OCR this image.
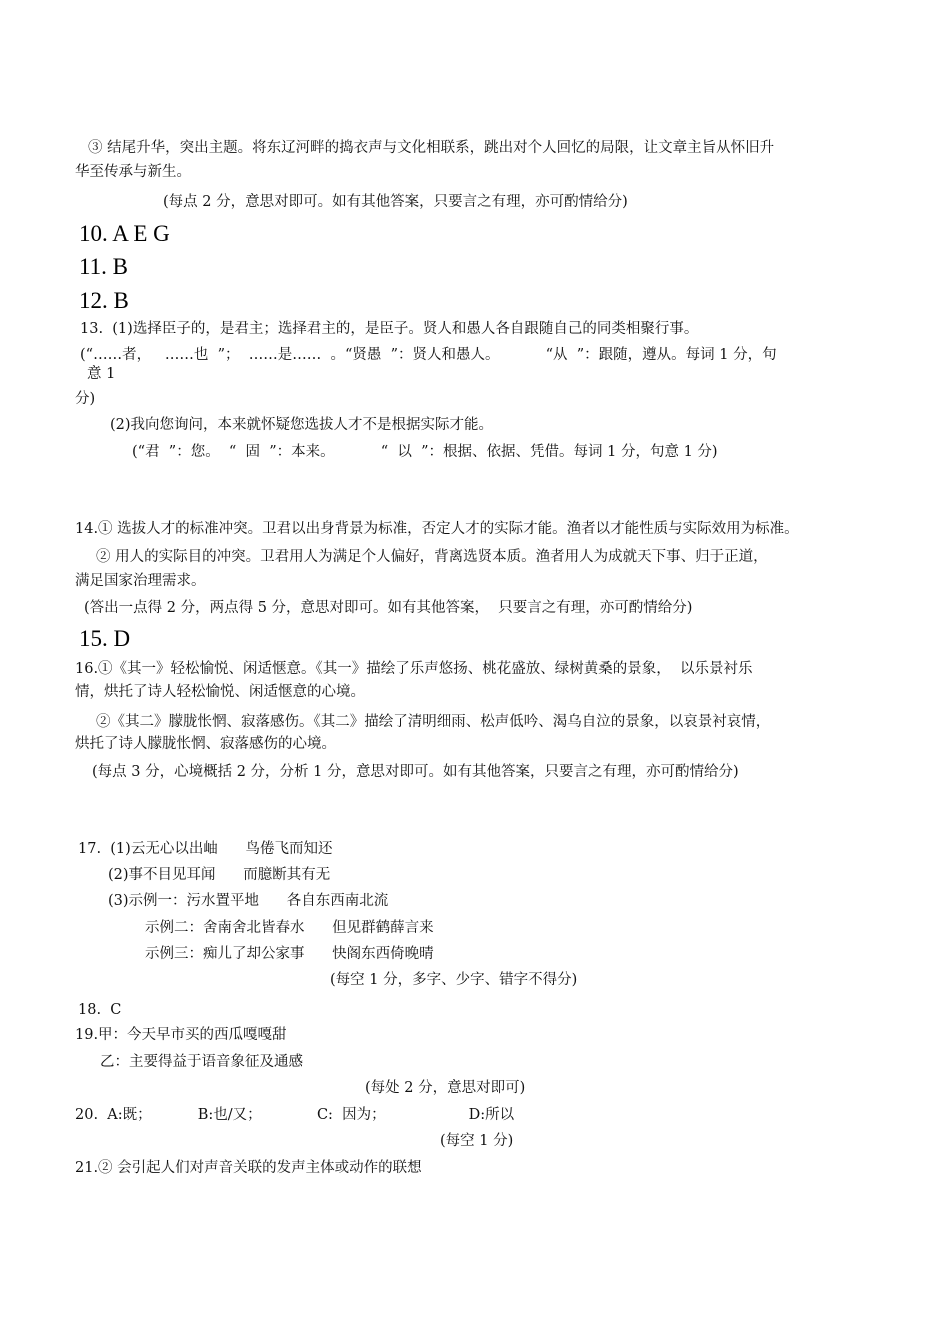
③ 结尾升华，突出主题。将东辽河畔的捣衣声与文化相联系，跳出对个人回忆的局限，让文章主旨从怀旧升
华至传承与新生。
(每点 2 分，意思对即可。如有其他答案，只要言之有理，亦可酌情给分)
10. A E G
11. B
12. B
13.  (1)选择臣子的，是君主；选择君主的，是臣子。贤人和愚人各自跟随自己的同类相聚行事。
(“……者，   ……也  ”；  ……是……  。“贤愚  ”：贤人和愚人。          “从  ”：跟随，遵从。每词 1 分，句
意 1
分)
(2)我向您询问，本来就怀疑您选拔人才不是根据实际才能。
(“君  ”：您。  “  固  ”：本来。          “  以  ”：根据、依据、凭借。每词 1 分，句意 1 分)
14.① 选拔人才的标准冲突。卫君以出身背景为标准，否定人才的实际才能。渔者以才能性质与实际效用为标准。
② 用人的实际目的冲突。卫君用人为满足个人偏好，背离选贤本质。渔者用人为成就天下事、归于正道，
满足国家治理需求。
(答出一点得 2 分，两点得 5 分，意思对即可。如有其他答案，  只要言之有理，亦可酌情给分)
15. D
16.①《其一》轻松愉悦、闲适惬意。《其一》描绘了乐声悠扬、桃花盛放、绿树黄桑的景象，  以乐景衬乐
情，烘托了诗人轻松愉悦、闲适惬意的心境。
②《其二》朦胧怅惘、寂落感伤。《其二》描绘了清明细雨、松声低吟、渴乌自泣的景象，以哀景衬哀情，
烘托了诗人朦胧怅惘、寂落感伤的心境。
(每点 3 分，心境概括 2 分，分析 1 分，意思对即可。如有其他答案，只要言之有理，亦可酌情给分)
17.  (1)云无心以出岫      鸟倦飞而知还
(2)事不目见耳闻      而臆断其有无
(3)示例一：污水置平地      各自东西南北流
示例二：舍南舍北皆春水      但见群鹤薛言来
示例三：痴儿了却公家事      快阁东西倚晚晴
(每空 1 分，多字、少字、错字不得分)
18.  C
19.甲：今天早市买的西瓜嘎嘎甜
乙：主要得益于语音象征及通感
(每处 2 分，意思对即可)
20.  A:既；          B:也/又；            C:  因为；                  D:所以
(每空 1 分)
21.② 会引起人们对声音关联的发声主体或动作的联想
